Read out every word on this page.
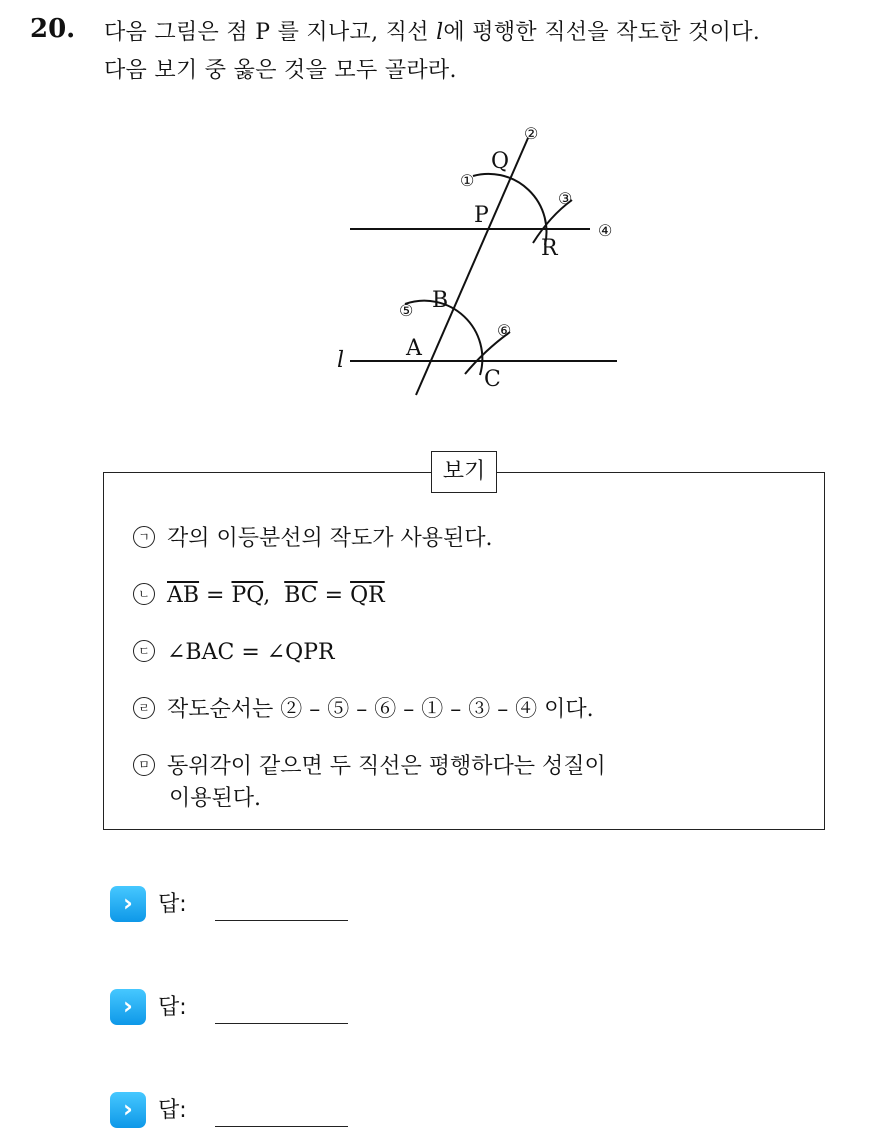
20. 다음 그림은 점 P 를 지나고, 직선 l에 평행한 직선을 작도한 것이다.
다음 보기 중 옳은 것을 모두 골라라.
Q
P
R
B
A
C
l
①
②
③
④
⑤
⑥
보기
ㄱ 각의 이등분선의 작도가 사용된다.
ㄴ $\overline{AB} = \overline{PQ}$,  $\overline{BC} = \overline{QR}$
ㄷ ∠BAC = ∠QPR
ㄹ 작도순서는 ② – ⑤ – ⑥ – ① – ③ – ④ 이다.
ㅁ 동위각이 같으면 두 직선은 평행하다는 성질이
이용된다.
›	답:
›	답:
›	답:
